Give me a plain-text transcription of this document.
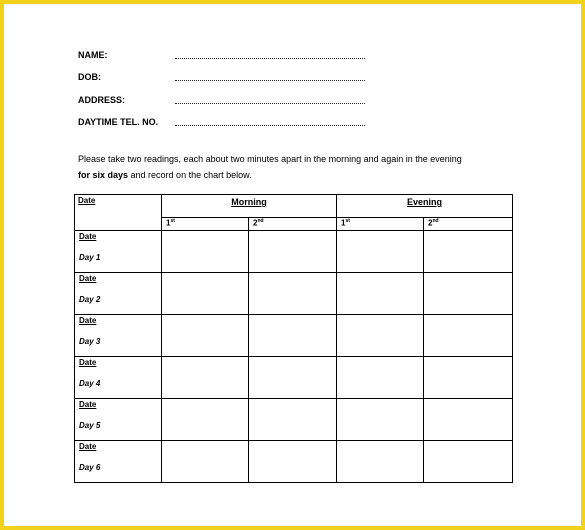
NAME:
DOB:
ADDRESS:
DAYTIME TEL. NO.
Please take two readings, each about two minutes apart in the morning and again in the evening
for six days and record on the chart below.
Date	Morning		Evening	
	1st	2nd	1st	2nd

Date
Day 1				

Date
Day 2				

Date
Day 3				

Date
Day 4				

Date
Day 5				

Date
Day 6				
